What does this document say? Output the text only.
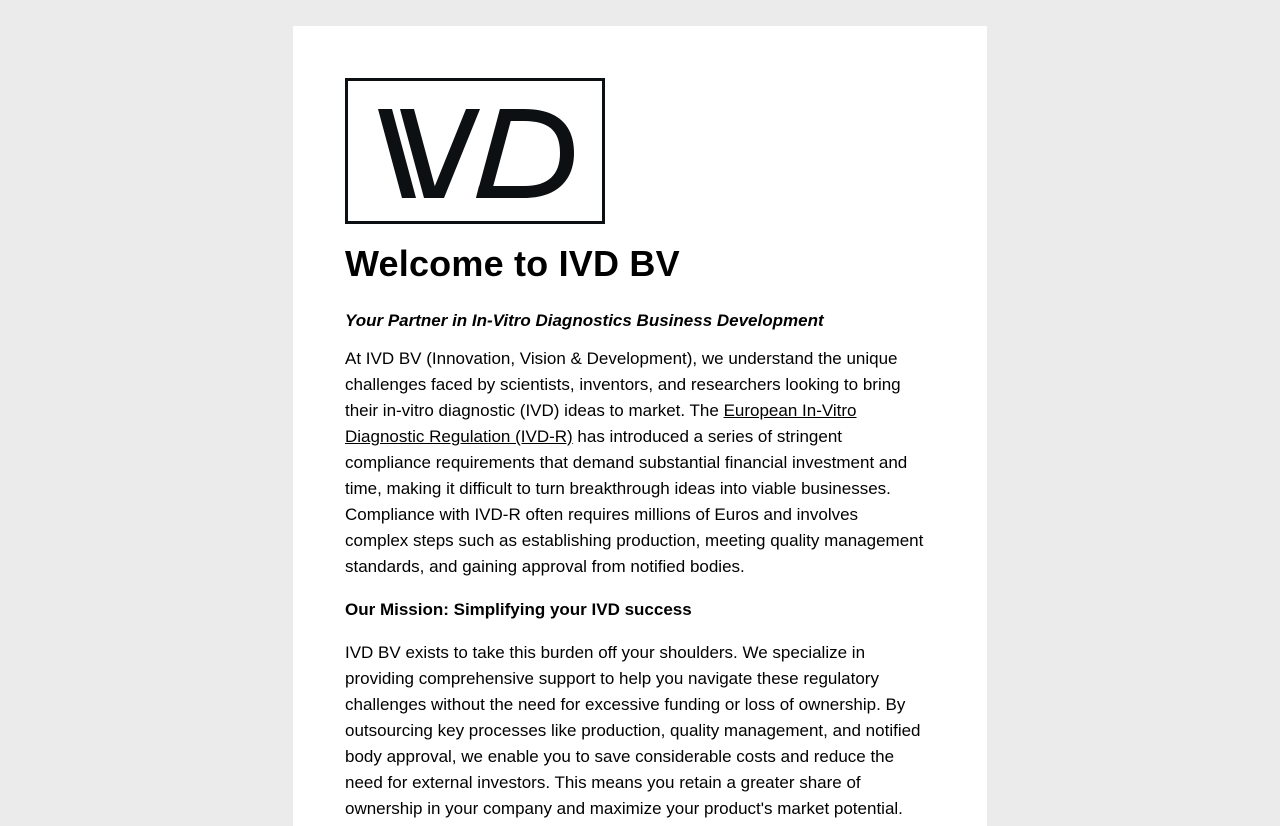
Welcome to IVD BV
Your Partner in In-Vitro Diagnostics Business Development

At IVD BV (Innovation, Vision & Development), we understand the unique challenges faced by scientists, inventors, and researchers looking to bring their in-vitro diagnostic (IVD) ideas to market. The European In-Vitro Diagnostic Regulation (IVD-R) has introduced a series of stringent compliance requirements that demand substantial financial investment and time, making it difficult to turn breakthrough ideas into viable businesses. Compliance with IVD-R often requires millions of Euros and involves complex steps such as establishing production, meeting quality management standards, and gaining approval from notified bodies.

Our Mission: Simplifying your IVD success

IVD BV exists to take this burden off your shoulders. We specialize in providing comprehensive support to help you navigate these regulatory challenges without the need for excessive funding or loss of ownership. By outsourcing key processes like production, quality management, and notified body approval, we enable you to save considerable costs and reduce the need for external investors. This means you retain a greater share of ownership in your company and maximize your product's market potential.
